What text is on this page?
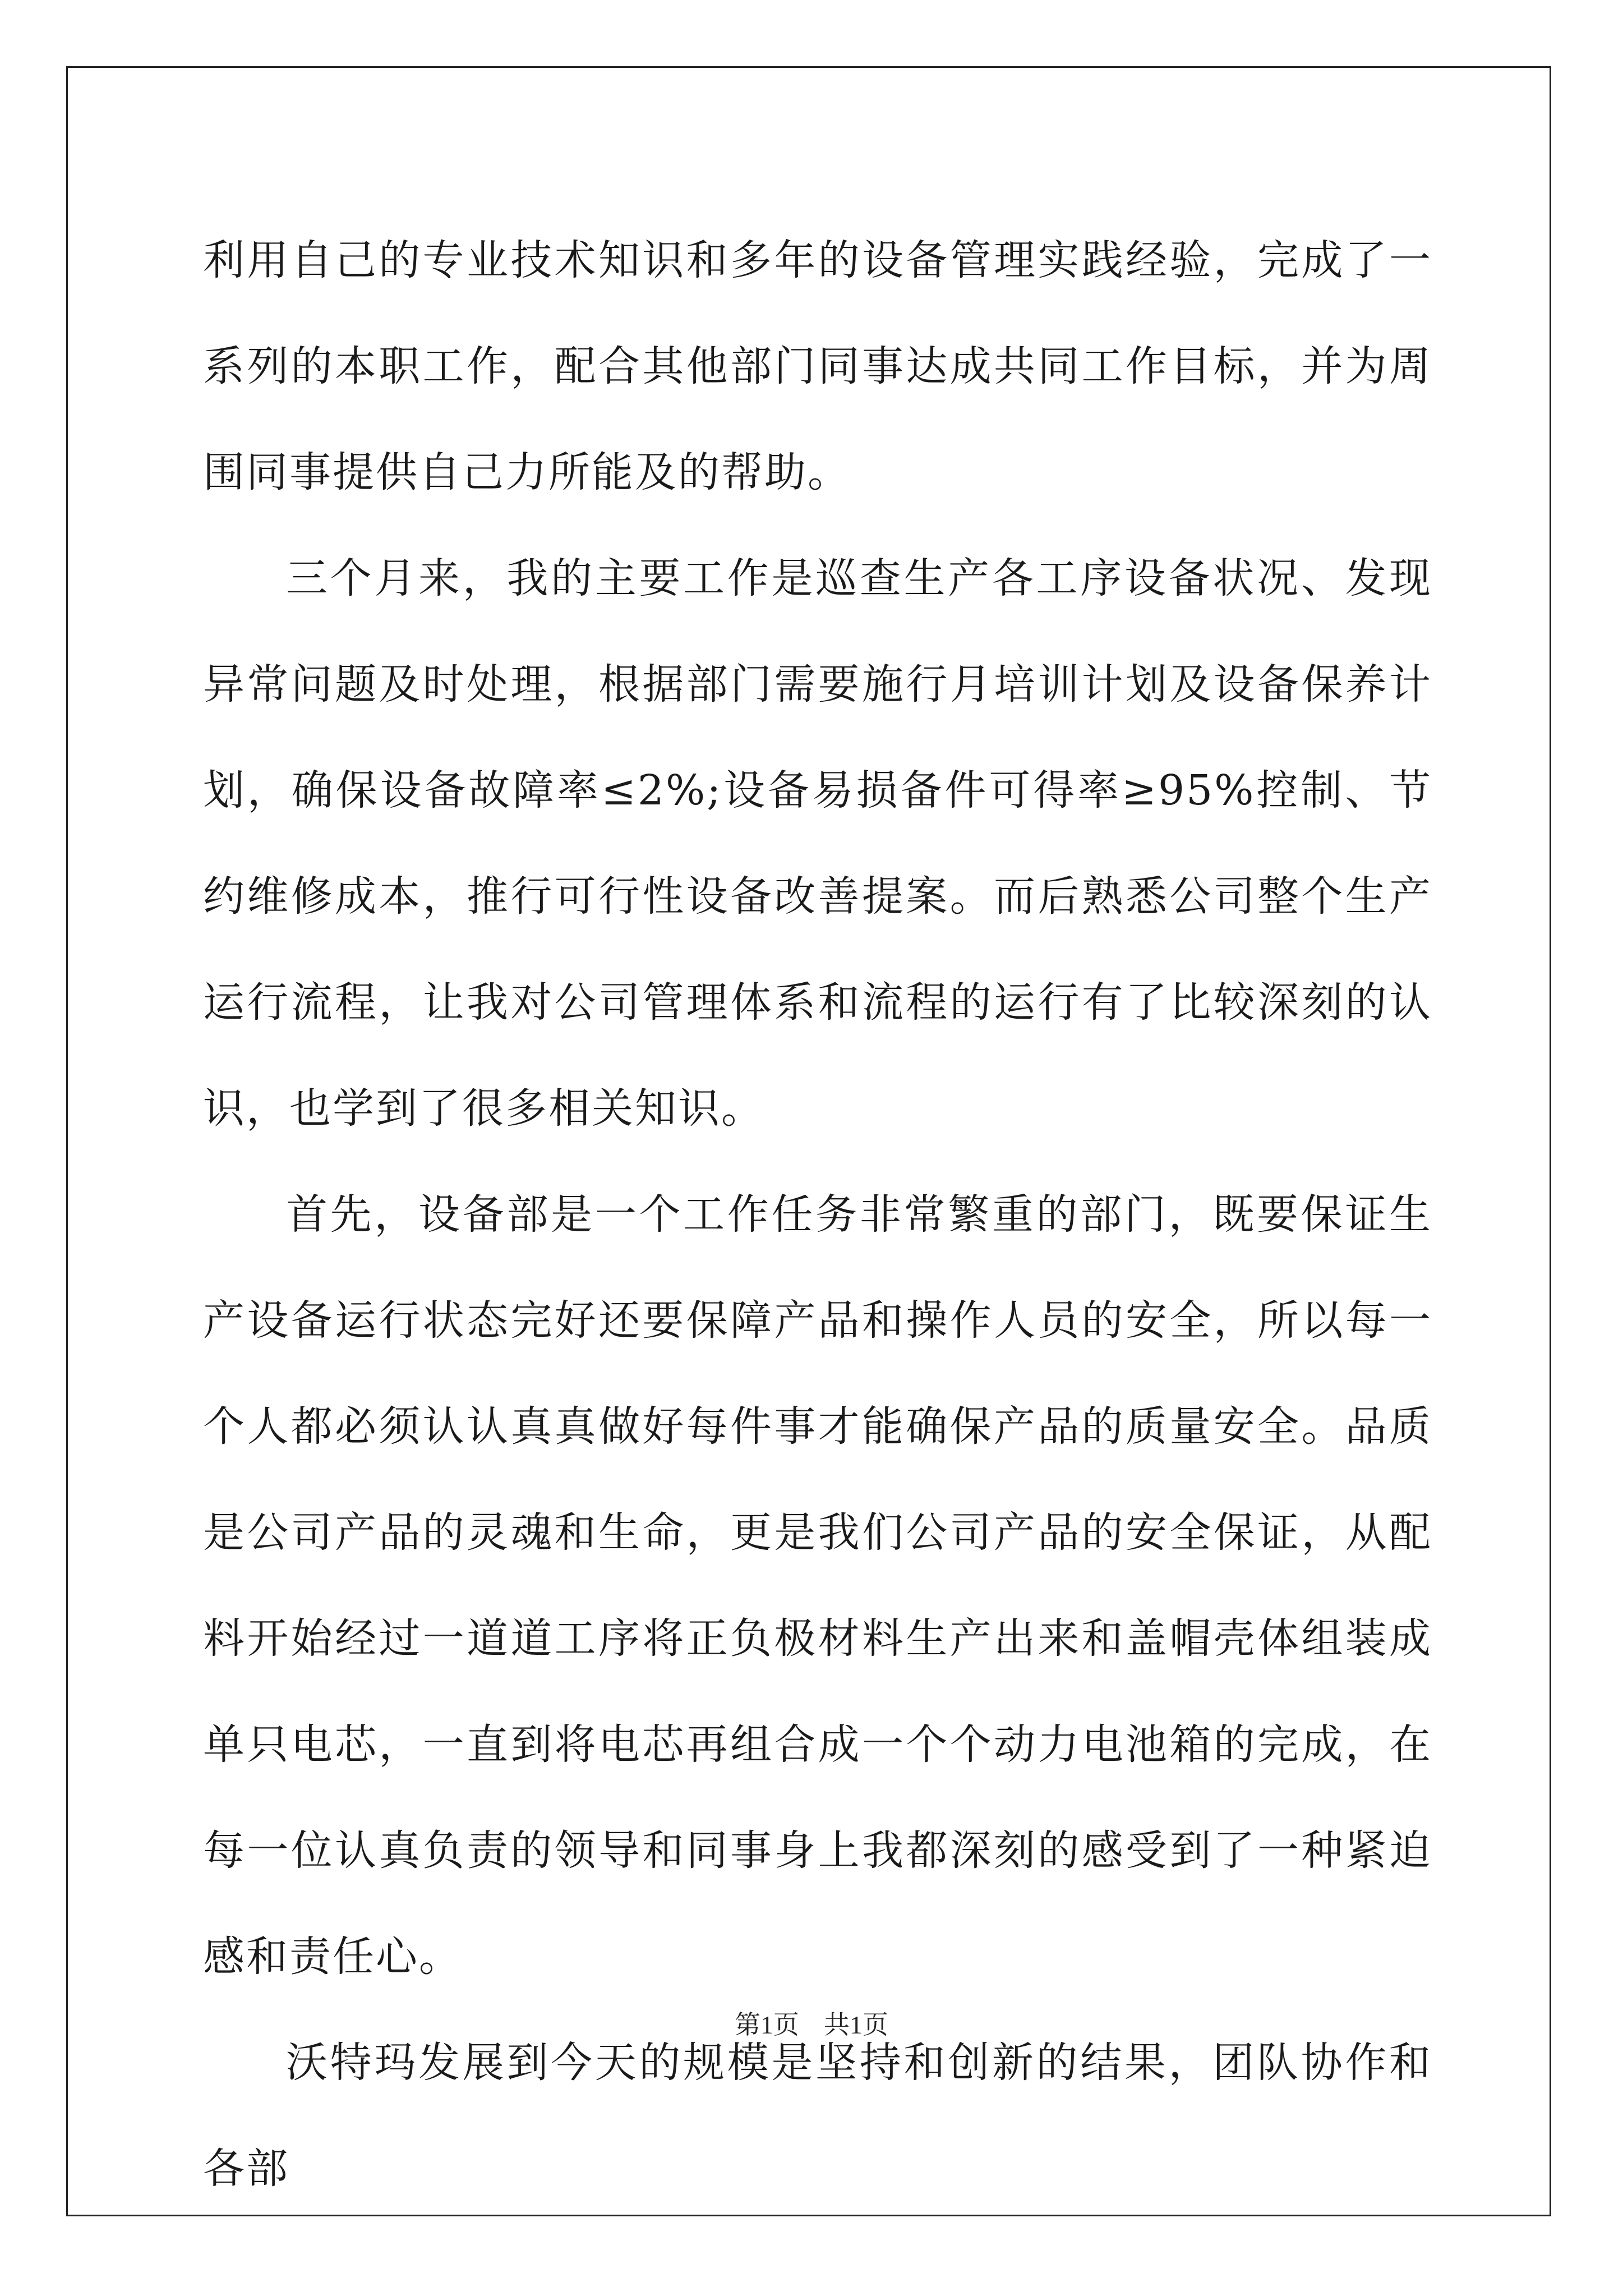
利用自己的专业技术知识和多年的设备管理实践经验，完成了一系列的本职工作，配合其他部门同事达成共同工作目标，并为周围同事提供自己力所能及的帮助。

三个月来，我的主要工作是巡查生产各工序设备状况、发现异常问题及时处理，根据部门需要施行月培训计划及设备保养计划，确保设备故障率≤2%;设备易损备件可得率≥95%控制、节约维修成本，推行可行性设备改善提案。而后熟悉公司整个生产运行流程，让我对公司管理体系和流程的运行有了比较深刻的认识，也学到了很多相关知识。

首先，设备部是一个工作任务非常繁重的部门，既要保证生产设备运行状态完好还要保障产品和操作人员的安全，所以每一个人都必须认认真真做好每件事才能确保产品的质量安全。品质是公司产品的灵魂和生命，更是我们公司产品的安全保证，从配料开始经过一道道工序将正负极材料生产出来和盖帽壳体组装成单只电芯，一直到将电芯再组合成一个个动力电池箱的完成，在每一位认真负责的领导和同事身上我都深刻的感受到了一种紧迫感和责任心。

沃特玛发展到今天的规模是坚持和创新的结果，团队协作和各部

第1页 共1页
